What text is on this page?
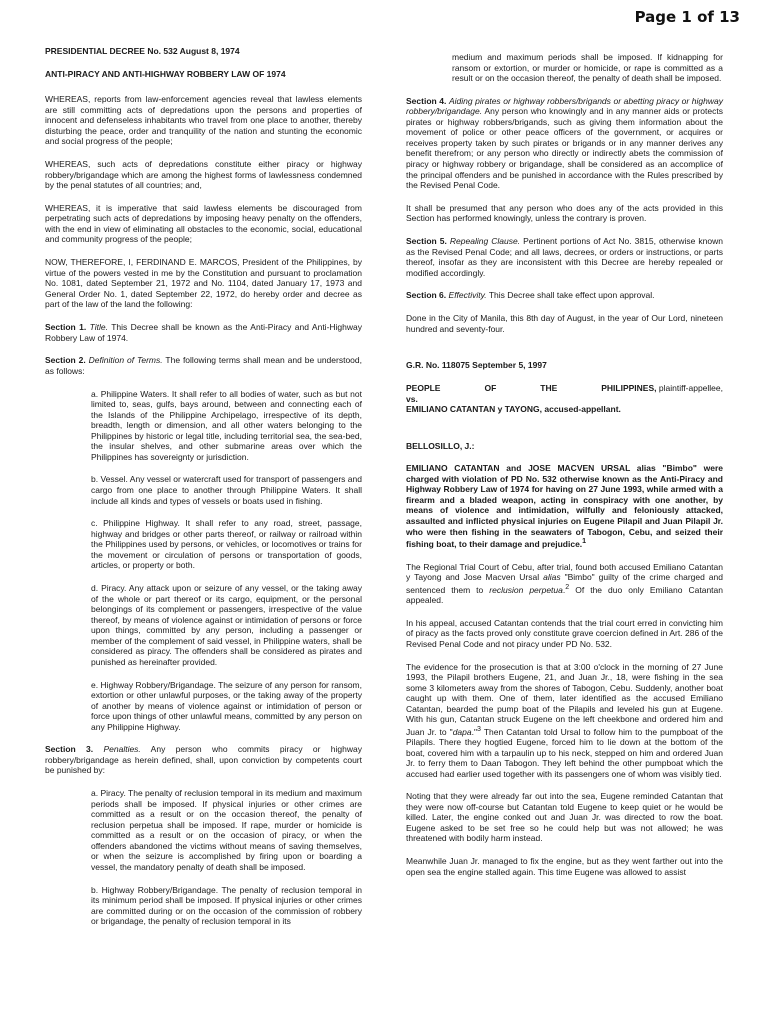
Page 1 of 13

PRESIDENTIAL DECREE No. 532 August 8, 1974

ANTI-PIRACY AND ANTI-HIGHWAY ROBBERY LAW OF 1974

WHEREAS, reports from law-enforcement agencies reveal that lawless elements are still committing acts of depredations upon the persons and properties of innocent and defenseless inhabitants who travel from one place to another, thereby disturbing the peace, order and tranquility of the nation and stunting the economic and social progress of the people;

WHEREAS, such acts of depredations constitute either piracy or highway robbery/brigandage which are among the highest forms of lawlessness condemned by the penal statutes of all countries; and,

WHEREAS, it is imperative that said lawless elements be discouraged from perpetrating such acts of depredations by imposing heavy penalty on the offenders, with the end in view of eliminating all obstacles to the economic, social, educational and community progress of the people;

NOW, THEREFORE, I, FERDINAND E. MARCOS, President of the Philippines, by virtue of the powers vested in me by the Constitution and pursuant to proclamation No. 1081, dated September 21, 1972 and No. 1104, dated January 17, 1973 and General Order No. 1, dated September 22, 1972, do hereby order and decree as part of the law of the land the following:

Section 1. Title. This Decree shall be known as the Anti-Piracy and Anti-Highway Robbery Law of 1974.

Section 2. Definition of Terms. The following terms shall mean and be understood, as follows:

a. Philippine Waters. It shall refer to all bodies of water, such as but not limited to, seas, gulfs, bays around, between and connecting each of the Islands of the Philippine Archipelago, irrespective of its depth, breadth, length or dimension, and all other waters belonging to the Philippines by historic or legal title, including territorial sea, the sea-bed, the insular shelves, and other submarine areas over which the Philippines has sovereignty or jurisdiction.

b. Vessel. Any vessel or watercraft used for transport of passengers and cargo from one place to another through Philippine Waters. It shall include all kinds and types of vessels or boats used in fishing.

c. Philippine Highway. It shall refer to any road, street, passage, highway and bridges or other parts thereof, or railway or railroad within the Philippines used by persons, or vehicles, or locomotives or trains for the movement or circulation of persons or transportation of goods, articles, or property or both.

d. Piracy. Any attack upon or seizure of any vessel, or the taking away of the whole or part thereof or its cargo, equipment, or the personal belongings of its complement or passengers, irrespective of the value thereof, by means of violence against or intimidation of persons or force upon things, committed by any person, including a passenger or member of the complement of said vessel, in Philippine waters, shall be considered as piracy. The offenders shall be considered as pirates and punished as hereinafter provided.

e. Highway Robbery/Brigandage. The seizure of any person for ransom, extortion or other unlawful purposes, or the taking away of the property of another by means of violence against or intimidation of person or force upon things of other unlawful means, committed by any person on any Philippine Highway.

Section 3. Penalties. Any person who commits piracy or highway robbery/brigandage as herein defined, shall, upon conviction by competents court be punished by:

a. Piracy. The penalty of reclusion temporal in its medium and maximum periods shall be imposed. If physical injuries or other crimes are committed as a result or on the occasion thereof, the penalty of reclusion perpetua shall be imposed. If rape, murder or homicide is committed as a result or on the occasion of piracy, or when the offenders abandoned the victims without means of saving themselves, or when the seizure is accomplished by firing upon or boarding a vessel, the mandatory penalty of death shall be imposed.

b. Highway Robbery/Brigandage. The penalty of reclusion temporal in its minimum period shall be imposed. If physical injuries or other crimes are committed during or on the occasion of the commission of robbery or brigandage, the penalty of reclusion temporal in its

medium and maximum periods shall be imposed. If kidnapping for ransom or extortion, or murder or homicide, or rape is committed as a result or on the occasion thereof, the penalty of death shall be imposed.

Section 4. Aiding pirates or highway robbers/brigands or abetting piracy or highway robbery/brigandage. Any person who knowingly and in any manner aids or protects pirates or highway robbers/brigands, such as giving them information about the movement of police or other peace officers of the government, or acquires or receives property taken by such pirates or brigands or in any manner derives any benefit therefrom; or any person who directly or indirectly abets the commission of piracy or highway robbery or brigandage, shall be considered as an accomplice of the principal offenders and be punished in accordance with the Rules prescribed by the Revised Penal Code.

It shall be presumed that any person who does any of the acts provided in this Section has performed knowingly, unless the contrary is proven.

Section 5. Repealing Clause. Pertinent portions of Act No. 3815, otherwise known as the Revised Penal Code; and all laws, decrees, or orders or instructions, or parts thereof, insofar as they are inconsistent with this Decree are hereby repealed or modified accordingly.

Section 6. Effectivity. This Decree shall take effect upon approval.

Done in the City of Manila, this 8th day of August, in the year of Our Lord, nineteen hundred and seventy-four.

G.R. No. 118075 September 5, 1997

PEOPLE	OF	THE	PHILIPPINES, plaintiff-appellee,
vs.
EMILIANO CATANTAN y TAYONG, accused-appellant.

BELLOSILLO, J.:

EMILIANO CATANTAN and JOSE MACVEN URSAL alias "Bimbo" were charged with violation of PD No. 532 otherwise known as the Anti-Piracy and Highway Robbery Law of 1974 for having on 27 June 1993, while armed with a firearm and a bladed weapon, acting in conspiracy with one another, by means of violence and intimidation, wilfully and feloniously attacked, assaulted and inflicted physical injuries on Eugene Pilapil and Juan Pilapil Jr. who were then fishing in the seawaters of Tabogon, Cebu, and seized their fishing boat, to their damage and prejudice.$^1$

The Regional Trial Court of Cebu, after trial, found both accused Emiliano Catantan y Tayong and Jose Macven Ursal alias "Bimbo" guilty of the crime charged and sentenced them to reclusion perpetua.$^2$ Of the duo only Emiliano Catantan appealed.

In his appeal, accused Catantan contends that the trial court erred in convicting him of piracy as the facts proved only constitute grave coercion defined in Art. 286 of the Revised Penal Code and not piracy under PD No. 532.

The evidence for the prosecution is that at 3:00 o'clock in the morning of 27 June 1993, the Pilapil brothers Eugene, 21, and Juan Jr., 18, were fishing in the sea some 3 kilometers away from the shores of Tabogon, Cebu. Suddenly, another boat caught up with them. One of them, later identified as the accused Emiliano Catantan, bearded the pump boat of the Pilapils and leveled his gun at Eugene. With his gun, Catantan struck Eugene on the left cheekbone and ordered him and Juan Jr. to "dapa."$^3$ Then Catantan told Ursal to follow him to the pumpboat of the Pilapils. There they hogtied Eugene, forced him to lie down at the bottom of the boat, covered him with a tarpaulin up to his neck, stepped on him and ordered Juan Jr. to ferry them to Daan Tabogon. They left behind the other pumpboat which the accused had earlier used together with its passengers one of whom was visibly tied.

Noting that they were already far out into the sea, Eugene reminded Catantan that they were now off-course but Catantan told Eugene to keep quiet or he would be killed. Later, the engine conked out and Juan Jr. was directed to row the boat. Eugene asked to be set free so he could help but was not allowed; he was threatened with bodily harm instead.

Meanwhile Juan Jr. managed to fix the engine, but as they went farther out into the open sea the engine stalled again. This time Eugene was allowed to assist
